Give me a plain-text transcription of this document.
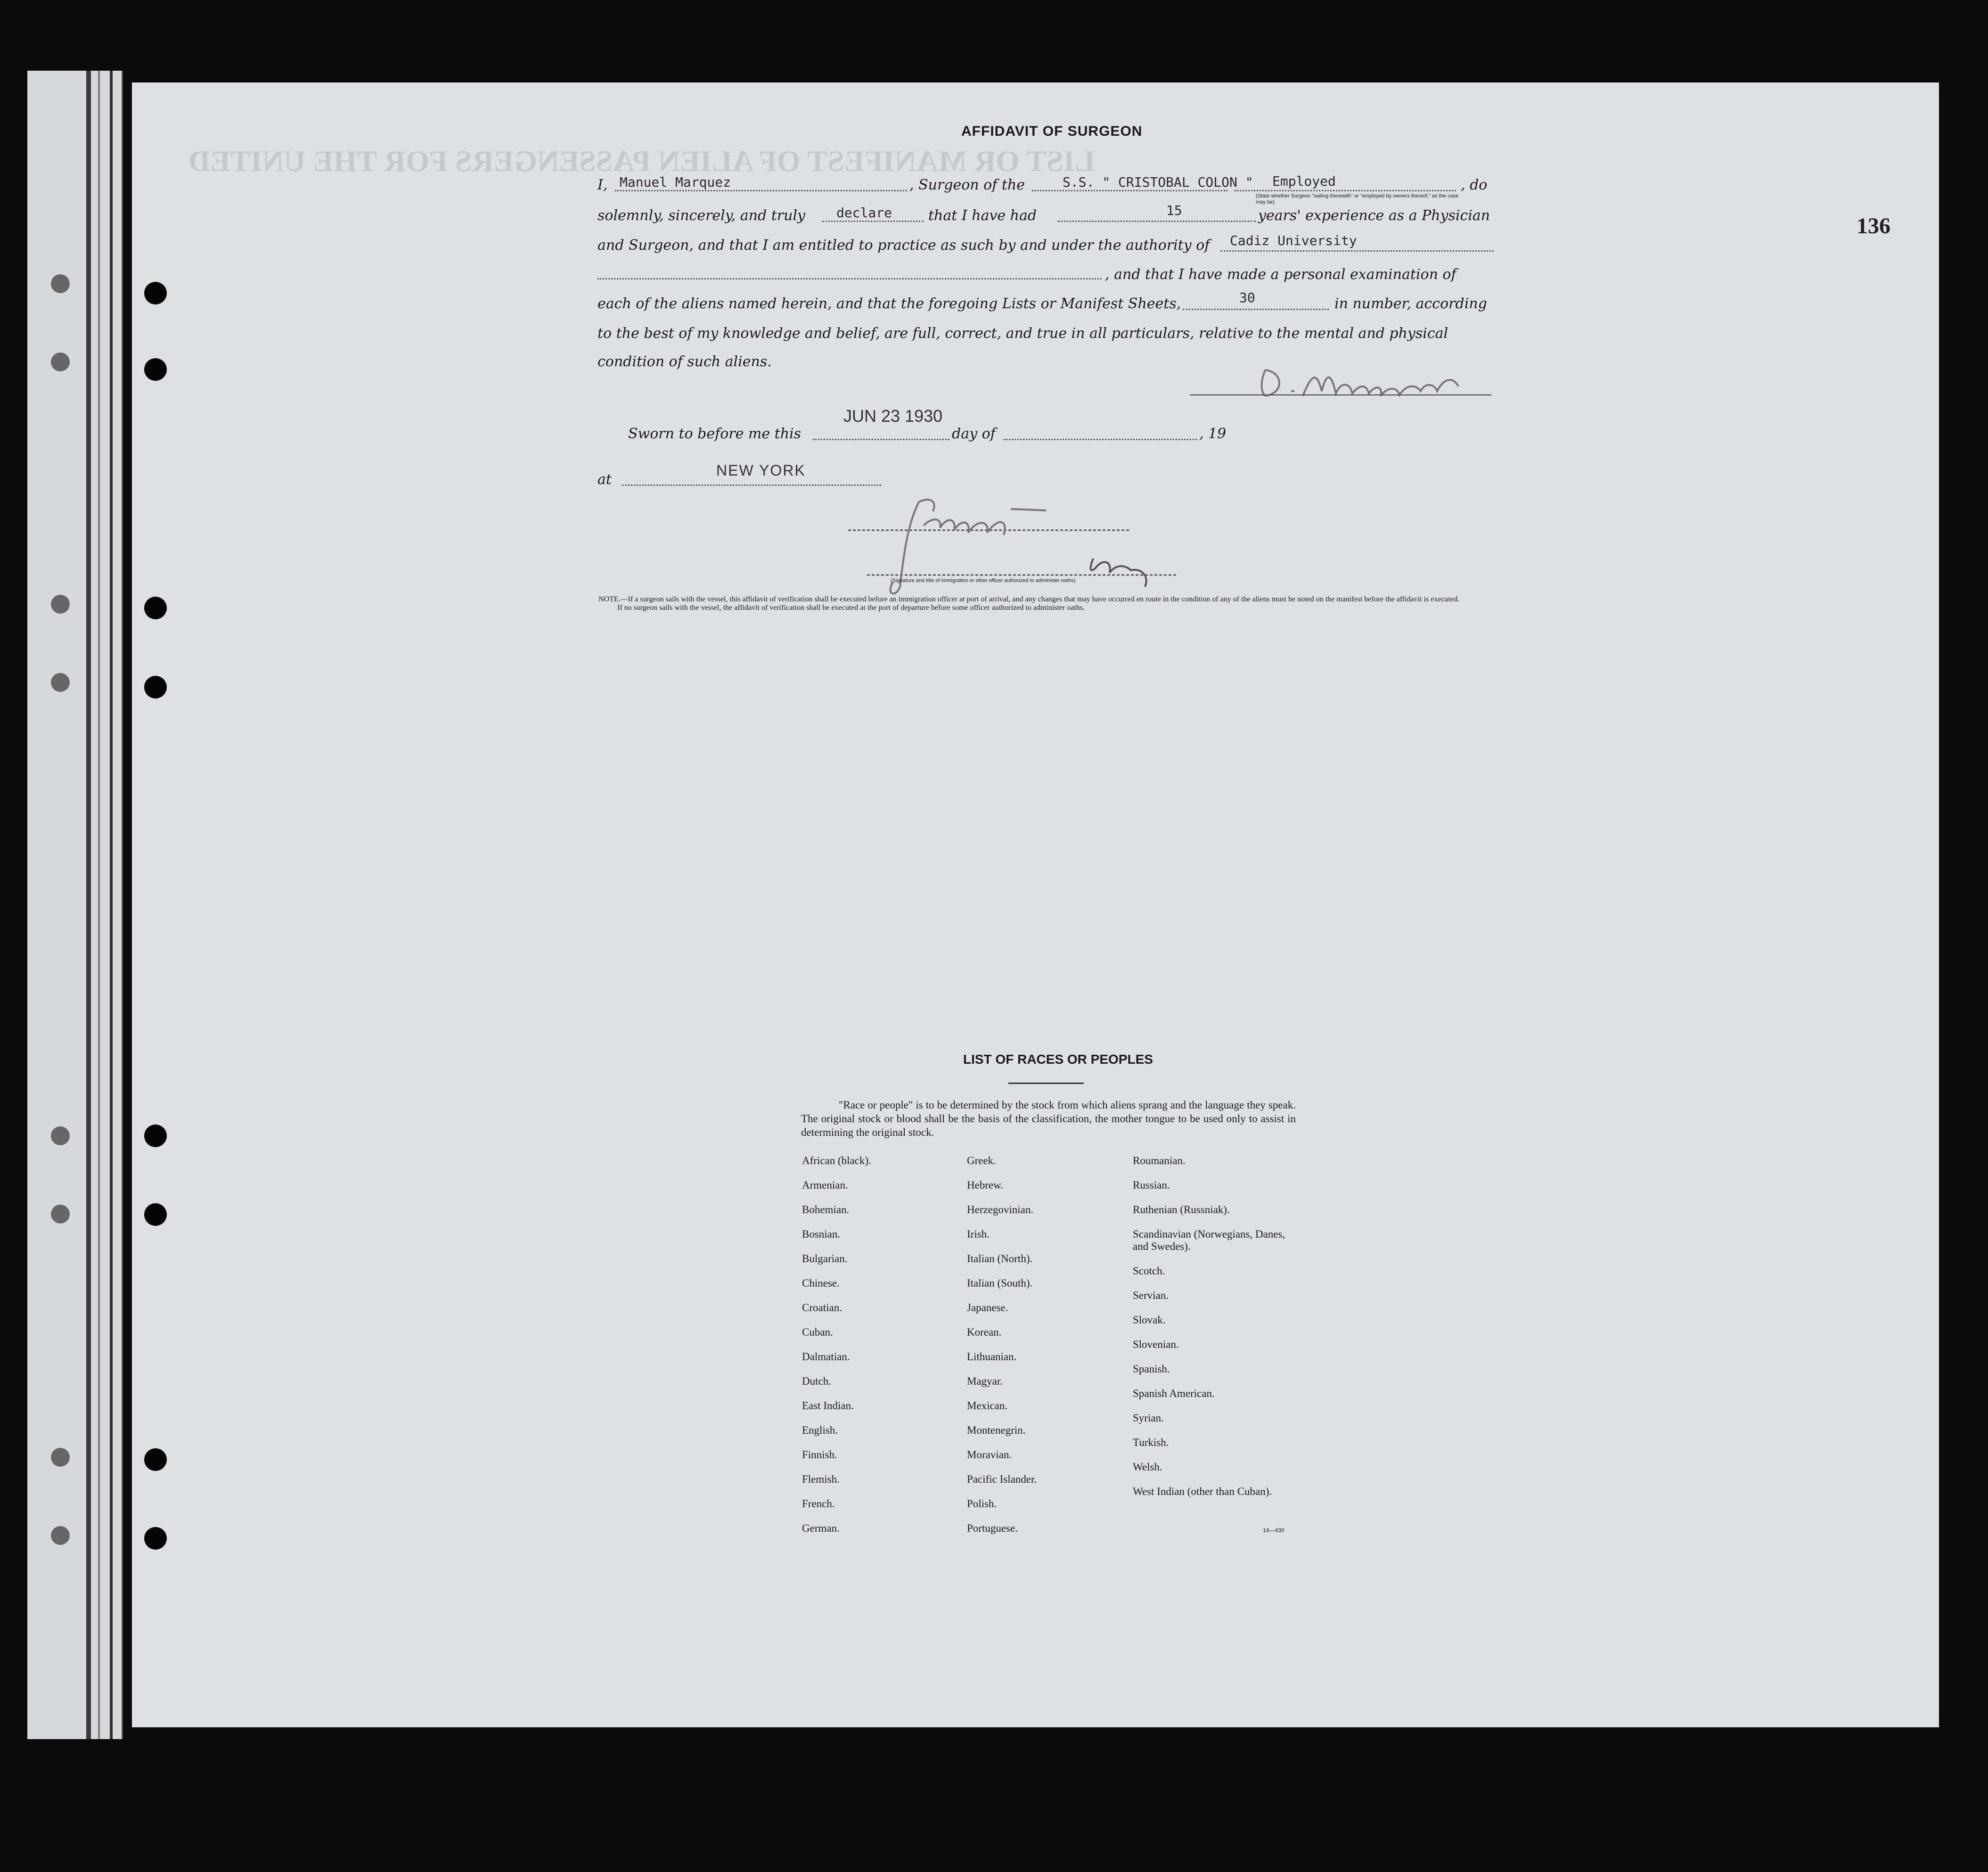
LIST OR MANIFEST OF ALIEN PASSENGERS FOR THE UNITED
136
AFFIDAVIT OF SURGEON
I, Manuel Marquez	, Surgeon of the	S.S. " CRISTOBAL COLON " Employed	, do
(State whether Surgeon "sailing therewith" or "employed by owners thereof," as the case may be)
solemnly, sincerely, and truly declare	that I have had	15	years' experience as a Physician
and Surgeon, and that I am entitled to practice as such by and under the authority of Cadiz University
, and that I have made a personal examination of
each of the aliens named herein, and that the foregoing Lists or Manifest Sheets,	30	in number, according
to the best of my knowledge and belief, are full, correct, and true in all particulars, relative to the mental and physical
condition of such aliens.
Sworn to before me this
JUN 23 1930
day of	, 19
at
NEW YORK
(Signature and title of immigration or other officer authorized to administer oaths)
NOTE.—If a surgeon sails with the vessel, this affidavit of verification shall be executed before an immigration officer at port of arrival, and any changes that may have occurred en route in the condition of any of the aliens must be noted on the manifest before the affidavit is executed.
If no surgeon sails with the vessel, the affidavit of verification shall be executed at the port of departure before some officer authorized to administer oaths.
LIST OF RACES OR PEOPLES
"Race or people" is to be determined by the stock from which aliens sprang and the language they speak. The original stock or blood shall be the basis of the classification, the mother tongue to be used only to assist in determining the original stock.
African (black).
Armenian.
Bohemian.
Bosnian.
Bulgarian.
Chinese.
Croatian.
Cuban.
Dalmatian.
Dutch.
East Indian.
English.
Finnish.
Flemish.
French.
German.
Greek.
Hebrew.
Herzegovinian.
Irish.
Italian (North).
Italian (South).
Japanese.
Korean.
Lithuanian.
Magyar.
Mexican.
Montenegrin.
Moravian.
Pacific Islander.
Polish.
Portuguese.
Roumanian.
Russian.
Ruthenian (Russniak).
Scandinavian (Norwegians, Danes, and Swedes).
Scotch.
Servian.
Slovak.
Slovenian.
Spanish.
Spanish American.
Syrian.
Turkish.
Welsh.
West Indian (other than Cuban).
14—430
